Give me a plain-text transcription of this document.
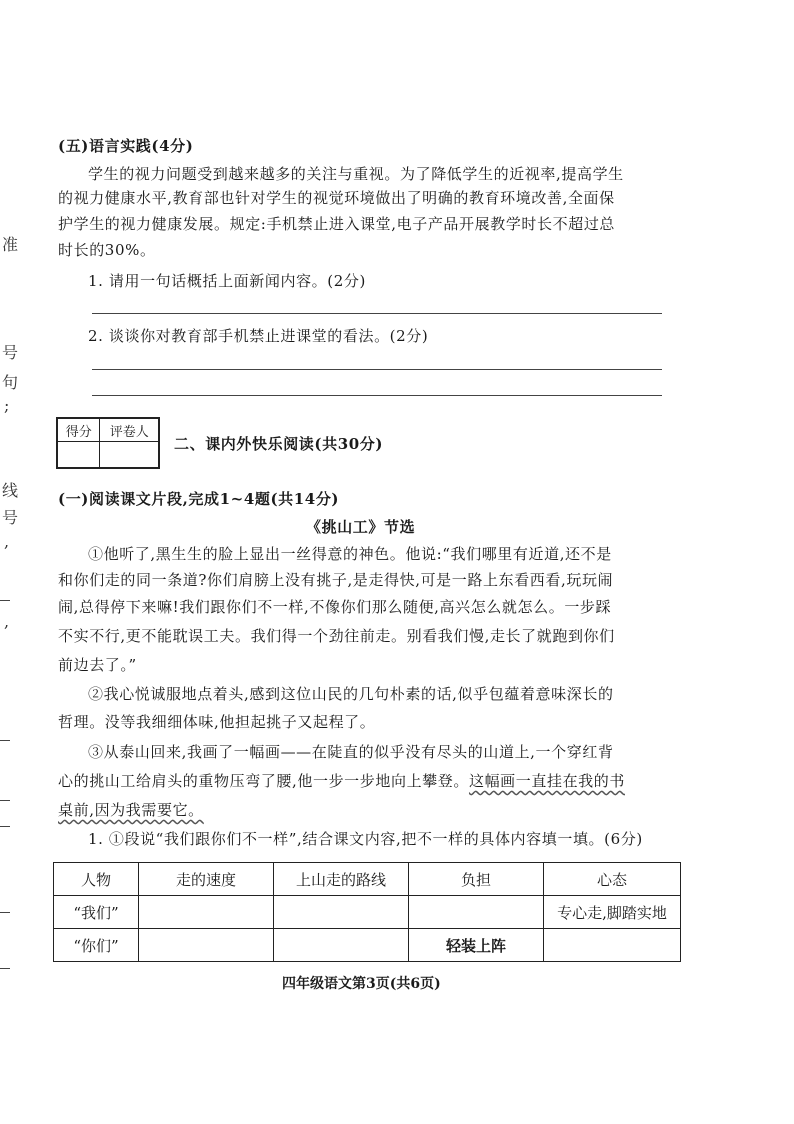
准
号
句
;
线
号
,
,
(五)语言实践(4分)
学生的视力问题受到越来越多的关注与重视。为了降低学生的近视率,提高学生
的视力健康水平,教育部也针对学生的视觉环境做出了明确的教育环境改善,全面保
护学生的视力健康发展。规定:手机禁止进入课堂,电子产品开展教学时长不超过总
时长的30%。
1. 请用一句话概括上面新闻内容。(2分)
2. 谈谈你对教育部手机禁止进课堂的看法。(2分)
得分	评卷人

二、课内外快乐阅读(共30分)
(一)阅读课文片段,完成1~4题(共14分)
《挑山工》节选
①他听了,黑生生的脸上显出一丝得意的神色。他说:“我们哪里有近道,还不是
和你们走的同一条道?你们肩膀上没有挑子,是走得快,可是一路上东看西看,玩玩闹
闹,总得停下来嘛!我们跟你们不一样,不像你们那么随便,高兴怎么就怎么。一步踩
不实不行,更不能耽误工夫。我们得一个劲往前走。别看我们慢,走长了就跑到你们
前边去了。”
②我心悦诚服地点着头,感到这位山民的几句朴素的话,似乎包蕴着意味深长的
哲理。没等我细细体味,他担起挑子又起程了。
③从泰山回来,我画了一幅画——在陡直的似乎没有尽头的山道上,一个穿红背
心的挑山工给肩头的重物压弯了腰,他一步一步地向上攀登。这幅画一直挂在我的书
桌前,因为我需要它。
1. ①段说“我们跟你们不一样”,结合课文内容,把不一样的具体内容填一填。(6分)
人物	走的速度	上山走的路线	负担	心态
“我们”				专心走,脚踏实地
“你们”			轻装上阵	
四年级语文第3页(共6页)
